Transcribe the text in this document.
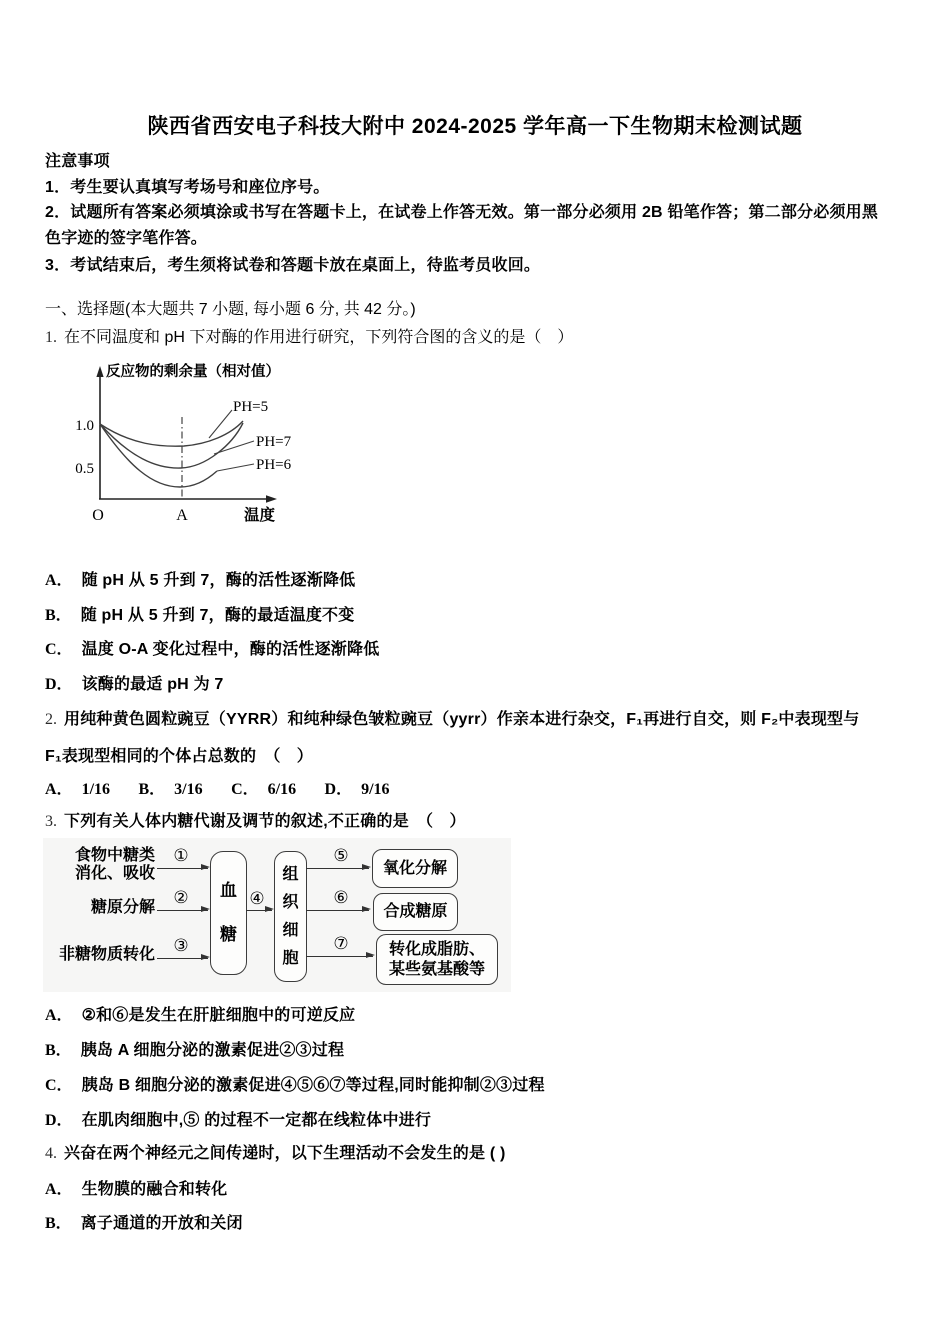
陕西省西安电子科技大附中 2024-2025 学年高一下生物期末检测试题

注意事项

1．考生要认真填写考场号和座位序号。

2．试题所有答案必须填涂或书写在答题卡上，在试卷上作答无效。第一部分必须用 2B 铅笔作答；第二部分必须用黑
色字迹的签字笔作答。

3．考试结束后，考生须将试卷和答题卡放在桌面上，待监考员收回。

一、选择题(本大题共 7 小题, 每小题 6 分, 共 42 分。)

1. 在不同温度和 pH 下对酶的作用进行研究，下列符合图的含义的是（　）

反应物的剩余量（相对值）
1.0
0.5
O	A	温度
PH=5
PH=7
PH=6

A． 随 pH 从 5 升到 7，酶的活性逐渐降低

B． 随 pH 从 5 升到 7，酶的最适温度不变

C． 温度 O-A 变化过程中，酶的活性逐渐降低

D． 该酶的最适 pH 为 7

2. 用纯种黄色圆粒豌豆（YYRR）和纯种绿色皱粒豌豆（yyrr）作亲本进行杂交，F₁再进行自交，则 F₂中表现型与
F₁表现型相同的个体占总数的　（　）

A． 1/16 B． 3/16 C． 6/16 D． 9/16

3. 下列有关人体内糖代谢及调节的叙述,不正确的是　（　）

食物中糖类
消化、吸收
糖原分解
非糖物质转化
①
②
③
血糖
④
组织细胞
⑤
⑥
⑦
氧化分解
合成糖原
转化成脂肪、
某些氨基酸等

A． ②和⑥是发生在肝脏细胞中的可逆反应

B． 胰岛 A 细胞分泌的激素促进②③过程

C． 胰岛 B 细胞分泌的激素促进④⑤⑥⑦等过程,同时能抑制②③过程

D． 在肌肉细胞中,⑤ 的过程不一定都在线粒体中进行

4. 兴奋在两个神经元之间传递时，以下生理活动不会发生的是 ( )

A． 生物膜的融合和转化

B． 离子通道的开放和关闭
